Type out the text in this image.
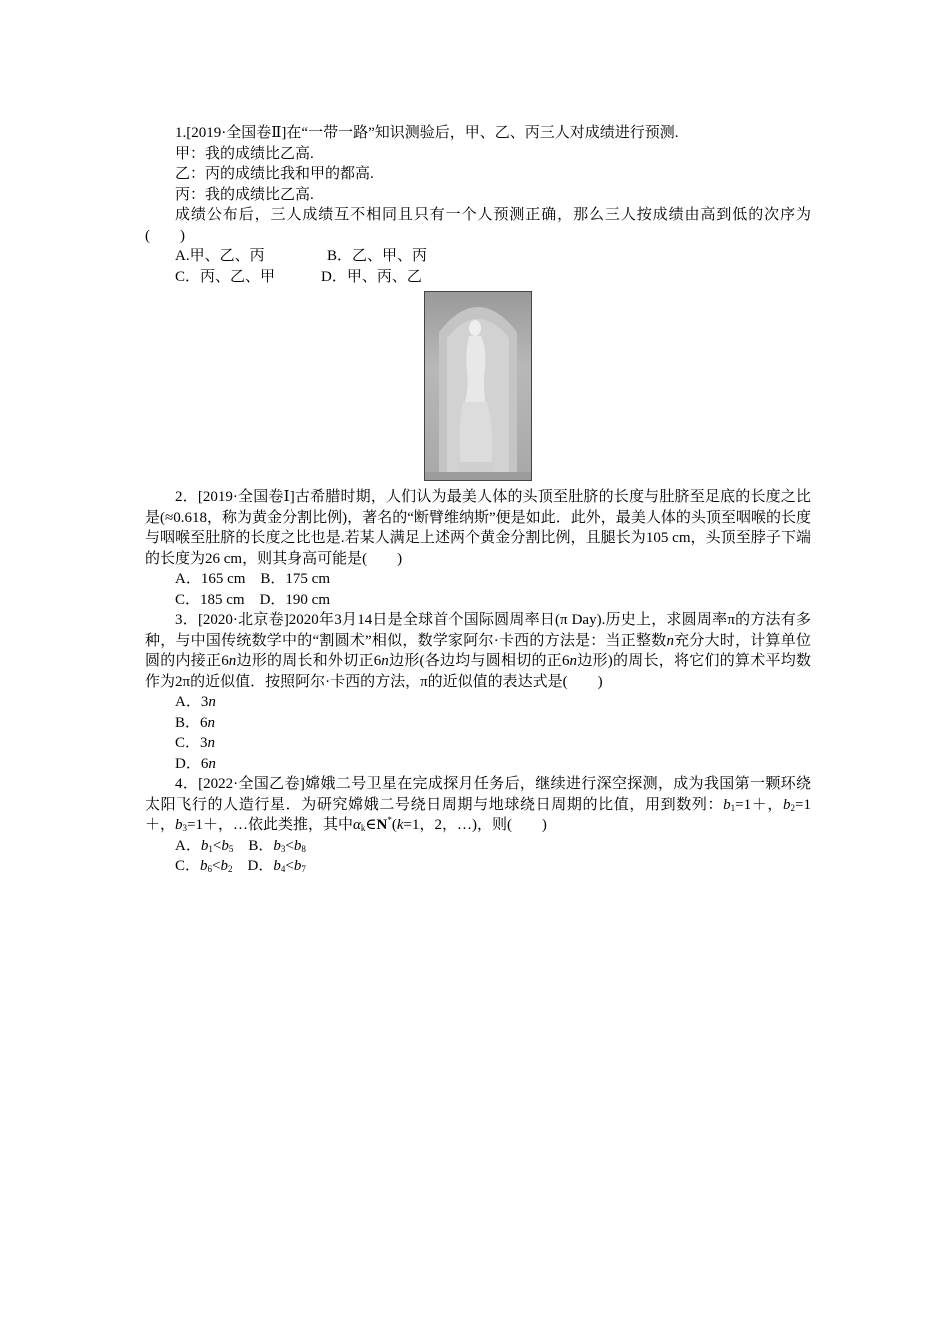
1.[2019·全国卷Ⅱ]在“一带一路”知识测验后，甲、乙、丙三人对成绩进行预测.

甲：我的成绩比乙高.

乙：丙的成绩比我和甲的都高.

丙：我的成绩比乙高.

成绩公布后，三人成绩互不相同且只有一个人预测正确，那么三人按成绩由高到低的次序为(　　)

A.甲、乙、丙	B．乙、甲、丙

C．丙、乙、甲	D．甲、丙、乙

2．[2019·全国卷Ⅰ]古希腊时期，人们认为最美人体的头顶至肚脐的长度与肚脐至足底的长度之比是(≈0.618，称为黄金分割比例)，著名的“断臂维纳斯”便是如此．此外，最美人体的头顶至咽喉的长度与咽喉至肚脐的长度之比也是.若某人满足上述两个黄金分割比例，且腿长为105 cm，头顶至脖子下端的长度为26 cm，则其身高可能是(　　)

A．165 cm　B．175 cm

C．185 cm　D．190 cm

3．[2020·北京卷]2020年3月14日是全球首个国际圆周率日(π Day).历史上，求圆周率π的方法有多种，与中国传统数学中的“割圆术”相似，数学家阿尔·卡西的方法是：当正整数n充分大时，计算单位圆的内接正6n边形的周长和外切正6n边形(各边均与圆相切的正6n边形)的周长，将它们的算术平均数作为2π的近似值．按照阿尔·卡西的方法，π的近似值的表达式是(　　)

A．3n

B．6n

C．3n

D．6n

4．[2022·全国乙卷]嫦娥二号卫星在完成探月任务后，继续进行深空探测，成为我国第一颗环绕太阳飞行的人造行星．为研究嫦娥二号绕日周期与地球绕日周期的比值，用到数列：$b_1=1+$，$b_2=1+$，$b_3=1+$，…依此类推，其中$\alpha_k\in N^*(k=1$，2，…)，则(　　)

A．$b_1<b_5$　 B．$b_3<b_8$

C．$b_6<b_2$　 D．$b_4<b_7$
